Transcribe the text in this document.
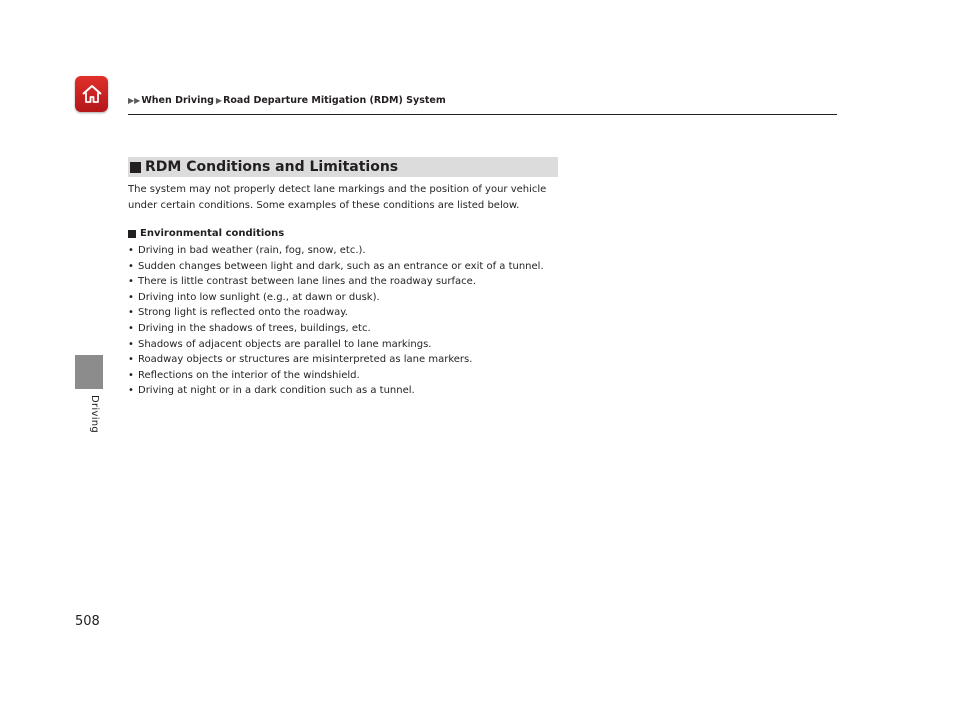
▶▶ When Driving ▶ Road Departure Mitigation (RDM) System
Driving
508
RDM Conditions and Limitations
The system may not properly detect lane markings and the position of your vehicle
under certain conditions. Some examples of these conditions are listed below.
Environmental conditions
• Driving in bad weather (rain, fog, snow, etc.).
• Sudden changes between light and dark, such as an entrance or exit of a tunnel.
• There is little contrast between lane lines and the roadway surface.
• Driving into low sunlight (e.g., at dawn or dusk).
• Strong light is reflected onto the roadway.
• Driving in the shadows of trees, buildings, etc.
• Shadows of adjacent objects are parallel to lane markings.
• Roadway objects or structures are misinterpreted as lane markers.
• Reflections on the interior of the windshield.
• Driving at night or in a dark condition such as a tunnel.
